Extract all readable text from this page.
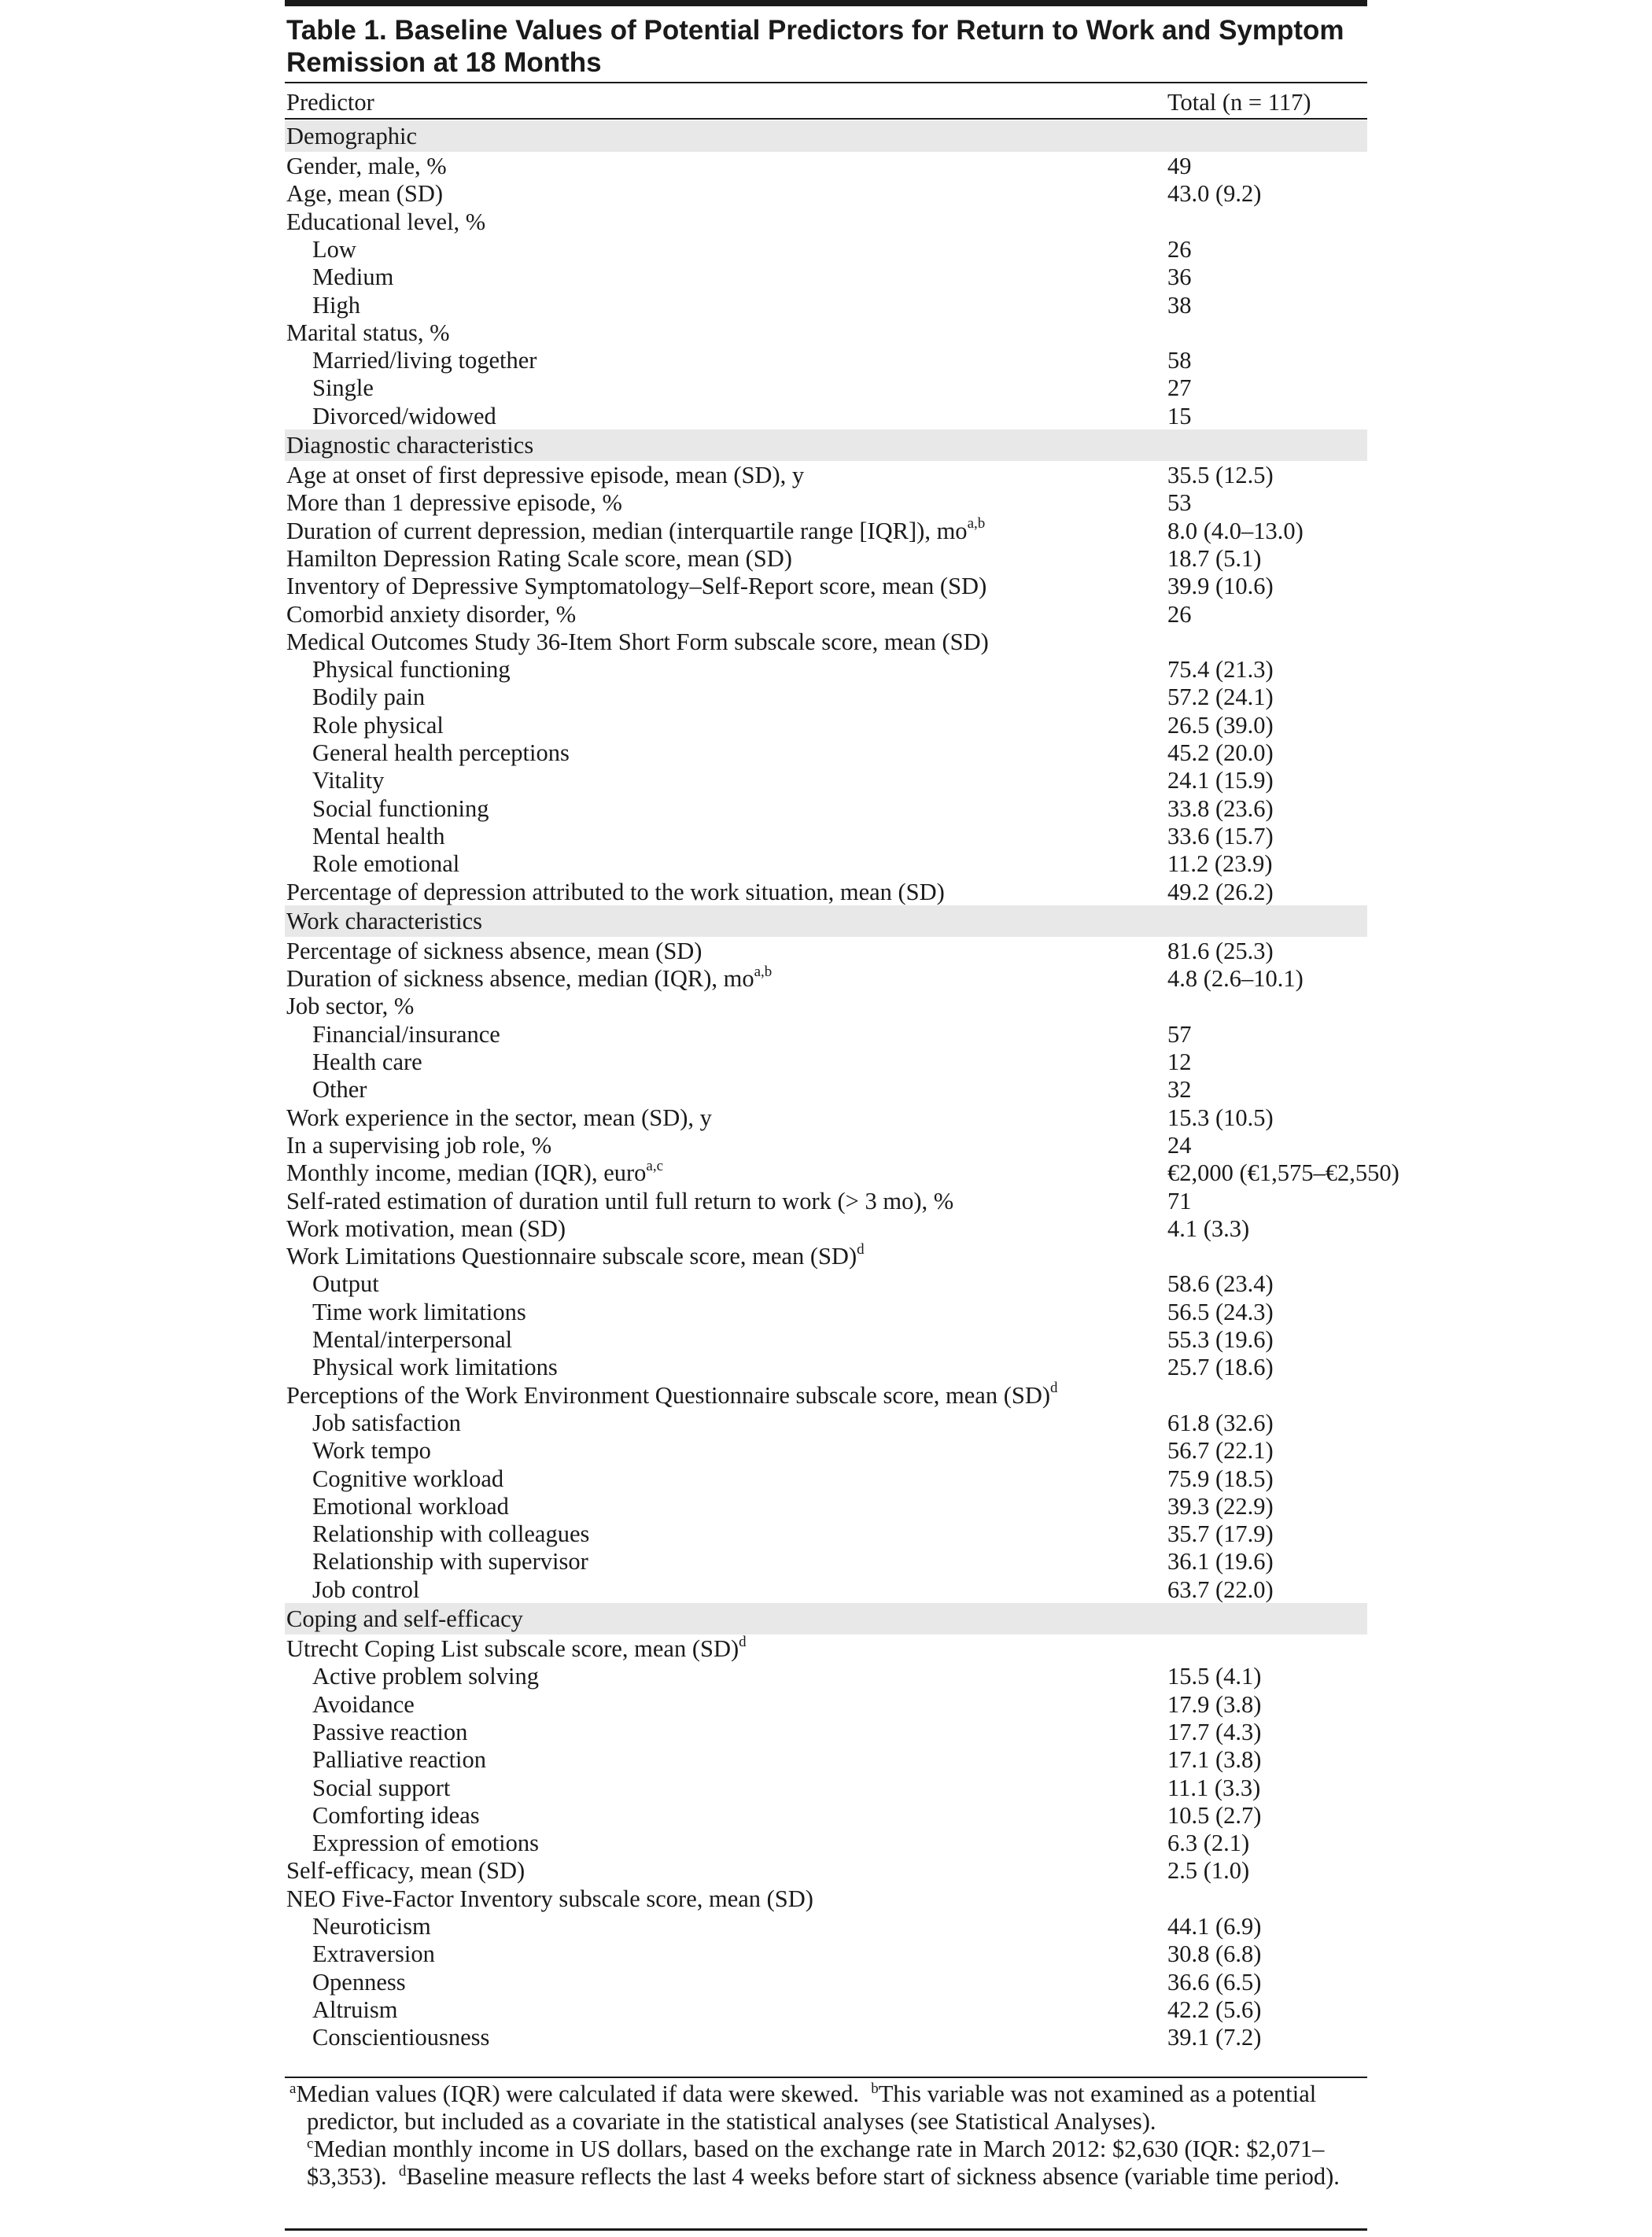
Table 1. Baseline Values of Potential Predictors for Return to Work and Symptom Remission at 18 Months
Predictor	Total (n = 117)
Demographic
Gender, male, %	49
Age, mean (SD)	43.0 (9.2)
Educational level, %
Low	26
Medium	36
High	38
Marital status, %
Married/living together	58
Single	27
Divorced/widowed	15
Diagnostic characteristics
Age at onset of first depressive episode, mean (SD), y	35.5 (12.5)
More than 1 depressive episode, %	53
Duration of current depression, median (interquartile range [IQR]), mo$^{a,b}$	8.0 (4.0–13.0)
Hamilton Depression Rating Scale score, mean (SD)	18.7 (5.1)
Inventory of Depressive Symptomatology–Self-Report score, mean (SD)	39.9 (10.6)
Comorbid anxiety disorder, %	26
Medical Outcomes Study 36-Item Short Form subscale score, mean (SD)
Physical functioning	75.4 (21.3)
Bodily pain	57.2 (24.1)
Role physical	26.5 (39.0)
General health perceptions	45.2 (20.0)
Vitality	24.1 (15.9)
Social functioning	33.8 (23.6)
Mental health	33.6 (15.7)
Role emotional	11.2 (23.9)
Percentage of depression attributed to the work situation, mean (SD)	49.2 (26.2)
Work characteristics
Percentage of sickness absence, mean (SD)	81.6 (25.3)
Duration of sickness absence, median (IQR), mo$^{a,b}$	4.8 (2.6–10.1)
Job sector, %
Financial/insurance	57
Health care	12
Other	32
Work experience in the sector, mean (SD), y	15.3 (10.5)
In a supervising job role, %	24
Monthly income, median (IQR), euro$^{a,c}$	€2,000 (€1,575–€2,550)
Self-rated estimation of duration until full return to work (> 3 mo), %	71
Work motivation, mean (SD)	4.1 (3.3)
Work Limitations Questionnaire subscale score, mean (SD)$^d$
Output	58.6 (23.4)
Time work limitations	56.5 (24.3)
Mental/interpersonal	55.3 (19.6)
Physical work limitations	25.7 (18.6)
Perceptions of the Work Environment Questionnaire subscale score, mean (SD)$^d$
Job satisfaction	61.8 (32.6)
Work tempo	56.7 (22.1)
Cognitive workload	75.9 (18.5)
Emotional workload	39.3 (22.9)
Relationship with colleagues	35.7 (17.9)
Relationship with supervisor	36.1 (19.6)
Job control	63.7 (22.0)
Coping and self-efficacy
Utrecht Coping List subscale score, mean (SD)$^d$
Active problem solving	15.5 (4.1)
Avoidance	17.9 (3.8)
Passive reaction	17.7 (4.3)
Palliative reaction	17.1 (3.8)
Social support	11.1 (3.3)
Comforting ideas	10.5 (2.7)
Expression of emotions	6.3 (2.1)
Self-efficacy, mean (SD)	2.5 (1.0)
NEO Five-Factor Inventory subscale score, mean (SD)
Neuroticism	44.1 (6.9)
Extraversion	30.8 (6.8)
Openness	36.6 (6.5)
Altruism	42.2 (5.6)
Conscientiousness	39.1 (7.2)
$^a$Median values (IQR) were calculated if data were skewed. $^b$This variable was not examined as a potential predictor, but included as a covariate in the statistical analyses (see Statistical Analyses).
$^c$Median monthly income in US dollars, based on the exchange rate in March 2012: $2,630 (IQR: $2,071–$3,353). $^d$Baseline measure reflects the last 4 weeks before start of sickness absence (variable time period).
